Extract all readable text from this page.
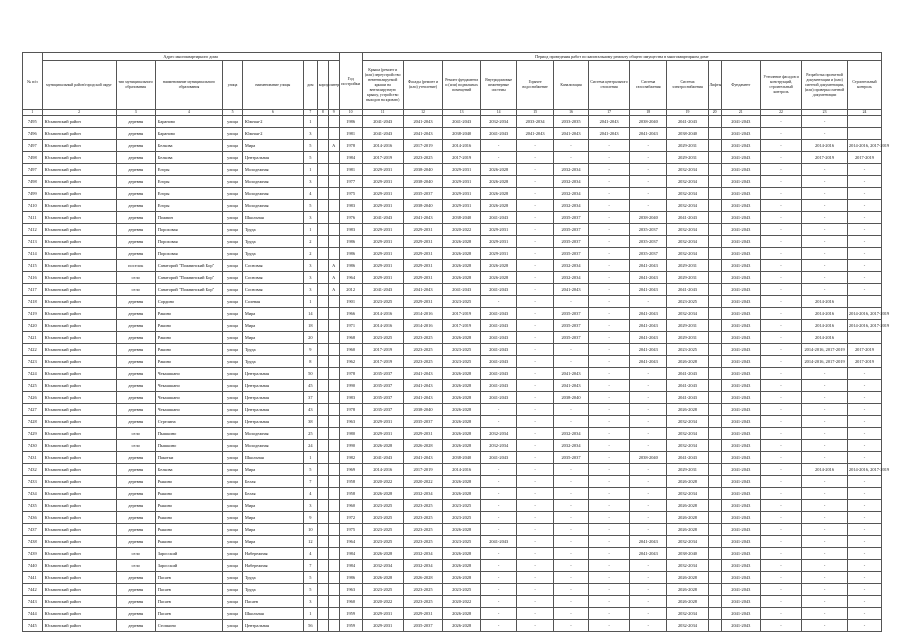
№ п/п	Адрес многоквартирного дома								Год постройки	Период проведения работ по капитальному ремонту общего имущества в многоквартирном доме													
	муниципальный район/городской округ	тип муниципального образования	наименование муниципального образования	улица	наименование улицы	дом	корпус	литер		Крыша (ремонт и (или) переустройство невентилируемой крыши на вентилируемую крышу, устройство выходов на кровлю)	Фасады (ремонт и (или) утепление)	Ремонт фундамента и (или) подвальных помещений	Внутридомовые инженерные системы	Горячее водоснабжение	Канализация	Система центрального отопления	Система газоснабжения	Система электроснабжения	Лифты	Фундамент	Утепление фасадов и конструкций, строительный контроль	Разработка проектной документации и (или) сметной документации, (или) проверка сметной документации	Строительный контроль
1	2	3	4	5	6	7	8	9	10	11	12	13	14	15	16	17	18	19	20	21	22	23	24
7495	Юсьвинский район	деревня	Бараново	улица	Южная-2	1			1986	2041-2043	2041-2043	2041-2043	2032-2034	2033-2034	2033-2035	2041-2043	2038-2040	2041-2043		2041-2043	-	-	
7496	Юсьвинский район	деревня	Бараново	улица	Южная-2	3			1981	2041-2043	2041-2043	2038-2040	2041-2043	2041-2043	2041-2043	2041-2043	2041-2043	2038-2040		2041-2043	-	-	
7497	Юсьвинский район	деревня	Белкова	улица	Мира	5		А	1978	2014-2016	2017-2019	2014-2016	-	-	-	-	-	2029-2031		2041-2043	-	2014-2016	2014-2016, 2017-2019
7498	Юсьвинский район	деревня	Белкова	улица	Центральная	5			1984	2017-2019	2023-2025	2017-2019	-	-	-	-	-	2029-2031		2041-2043	-	2017-2019	2017-2019
7497	Юсьвинский район	деревня	Егоры	улица	Молодежная	1			1981	2029-2031	2038-2040	2029-2031	2026-2028	-	2032-2034	-	-	2032-2034		2041-2043	-	-	-
7498	Юсьвинский район	деревня	Егоры	улица	Молодежная	3			1977	2029-2031	2038-2040	2029-2031	2026-2028	-	2032-2034	-	-	2032-2034		2041-2043	-	-	-
7499	Юсьвинский район	деревня	Егоры	улица	Молодежная	4			1975	2029-2031	2035-2037	2029-2031	2026-2028	-	2032-2034	-	-	2032-2034		2041-2043	-	-	-
7410	Юсьвинский район	деревня	Егоры	улица	Молодежная	5			1983	2029-2031	2038-2040	2029-2031	2026-2028	-	2032-2034	-	-	2032-2034		2041-2043	-	-	-
7411	Юсьвинский район	деревня	Пожвин	улица	Школьная	3			1976	2041-2043	2041-2043	2038-2040	2041-2043	-	2035-2037	-	2038-2040	2041-2043		2041-2043	-	-	-
7412	Юсьвинский район	деревня	Пороховая	улица	Труда	1			1983	2029-2031	2029-2031	2020-2022	2029-2031	-	2035-2037	-	2035-2037	2032-2034		2041-2043	-	-	-
7413	Юсьвинский район	деревня	Пороховая	улица	Труда	2			1986	2029-2031	2029-2031	2026-2028	2029-2031	-	2035-2037	-	2035-2037	2032-2034		2041-2043	-	-	-
7414	Юсьвинский район	деревня	Пороховая	улица	Труда	2			1986	2029-2031	2029-2031	2026-2028	2029-2031	-	2035-2037	-	2035-2037	2032-2034		2041-2043	-	-	-
7415	Юсьвинский район	поселок	Санаторий "Пожвинский Бор"	улица	Сосновая	3		А	1986	2029-2031	2029-2031	2026-2028	2026-2028	-	2032-2034	-	2041-2043	2029-2031		2041-2043	-	-	-
7416	Юсьвинский район	село	Санаторий "Пожвинский Бор"	улица	Сосновая	3		А	1964	2029-2031	2029-2031	2026-2028	2026-2028	-	2032-2034	-	2041-2043	2029-2031		2041-2043	-	-	-
7417	Юсьвинский район	село	Санаторий "Пожвинский Бор"	улица	Сосновая	3		А	2012	2041-2043	2041-2043	2041-2043	2041-2043	-	2041-2043	-	2041-2043	2041-2043		2041-2043	-	-	-
7418	Юсьвинский район	деревня	Сордино	улица	Солевая	1			1901	2023-2025	2029-2031	2023-2025	-	-	-	-	-	2023-2025		2041-2043	-	2014-2016	
7419	Юсьвинский район	деревня	Ракино	улица	Мира	14			1966	2014-2016	2014-2016	2017-2019	2041-2043	-	2035-2037	-	2041-2043	2032-2034		2041-2043	-	2014-2016	2014-2016, 2017-2019
7420	Юсьвинский район	деревня	Ракино	улица	Мира	18			1971	2014-2016	2014-2016	2017-2019	2041-2043	-	2035-2037	-	2041-2043	2029-2031		2041-2043	-	2014-2016	2014-2016, 2017-2019
7421	Юсьвинский район	деревня	Ракино	улица	Мира	20			1968	2023-2025	2023-2025	2026-2028	2041-2043	-	2035-2037	-	2041-2043	2029-2031		2041-2043	-	2014-2016	
7422	Юсьвинский район	деревня	Ракино	улица	Труда	9			1960	2017-2019	2023-2025	2023-2025	2041-2043	-	-	-	2041-2043	2023-2025		2041-2043	-	2014-2016, 2017-2019	2017-2019
7423	Юсьвинский район	деревня	Ракино	улица	Труда	8			1962	2017-2019	2023-2025	2023-2025	2041-2043	-	-	-	2041-2043	2026-2028		2041-2043	-	2014-2016, 2017-2019	2017-2019
7424	Юсьвинский район	деревня	Чекашшано	улица	Центральная	50			1978	2035-2037	2041-2043	2026-2028	2041-2043	-	2041-2043	-	-	2041-2043		2041-2043	-	-	-
7425	Юсьвинский район	деревня	Чекашшано	улица	Центральная	45			1990	2035-2037	2041-2043	2026-2028	2041-2043	-	2041-2043	-	-	2041-2043		2041-2043	-	-	-
7426	Юсьвинский район	деревня	Чекашшано	улица	Центральная	37			1983	2035-2037	2041-2043	2026-2028	2041-2043	-	2038-2040	-	-	2041-2043		2041-2043	-	-	-
7427	Юсьвинский район	деревня	Чекашшано	улица	Центральная	43			1978	2035-2037	2038-2040	2026-2028	-	-	-	-	-	2026-2028		2041-2043	-	-	-
7428	Юсьвинский район	деревня	Стрелина	улица	Центральная	38			1963	2029-2031	2035-2037	2026-2028	-	-	-	-	-	2032-2034		2041-2043	-	-	-
7429	Юсьвинский район	село	Пышкино	улица	Молодежная	25			1980	2029-2031	2029-2031	2026-2028	2032-2034	-	2032-2034	-	-	2032-2034		2041-2043	-	-	-
7430	Юсьвинский район	село	Пышкино	улица	Молодежная	24			1990	2026-2028	2026-2028	2026-2028	2032-2034	-	2032-2034	-	-	2032-2034		2041-2043	-	-	-
7431	Юсьвинский район	деревня	Пакотки	улица	Школьная	1			1982	2041-2043	2041-2043	2038-2040	2041-2043	-	2035-2037	-	2038-2040	2041-2043		2041-2043	-	-	-
7432	Юсьвинский район	деревня	Белкова	улица	Мира	5			1969	2014-2016	2017-2019	2014-2016	-	-	-	-	-	2029-2031		2041-2043	-	2014-2016	2014-2016, 2017-2019
7433	Юсьвинский район	деревня	Рыкино	улица	Белая	7			1958	2020-2022	2020-2022	2026-2028	-	-	-	-	-	2026-2028		2041-2043	-	-	-
7434	Юсьвинский район	деревня	Рыкино	улица	Белая	4			1958	2026-2028	2032-2034	2026-2028	-	-	-	-	-	2032-2034		2041-2043	-	-	-
7435	Юсьвинский район	деревня	Рыкино	улица	Мира	3			1960	2023-2025	2023-2025	2023-2025	-	-	-	-	-	2026-2028		2041-2043	-	-	-
7436	Юсьвинский район	деревня	Рыкино	улица	Мира	9			1972	2023-2025	2023-2025	2023-2025	-	-	-	-	-	2026-2028		2041-2043	-	-	-
7437	Юсьвинский район	деревня	Рыкино	улица	Мира	10			1975	2023-2025	2023-2025	2026-2028	-	-	-	-	-	2026-2028		2041-2043	-	-	-
7438	Юсьвинский район	деревня	Рыкино	улица	Мира	12			1964	2023-2025	2023-2025	2023-2025	2041-2043	-	-	-	2041-2043	2032-2034		2041-2043	-	-	-
7439	Юсьвинский район	село	Заросский	улица	Набережная	4			1984	2026-2028	2032-2034	2026-2028	-	-	-	-	2041-2043	2038-2040		2041-2043	-	-	-
7440	Юсьвинский район	село	Заросский	улица	Набережная	7			1984	2032-2034	2032-2034	2026-2028	-	-	-	-	-	2032-2034		2041-2043	-	-	-
7441	Юсьвинский район	деревня	Пасаев	улица	Труда	5			1986	2026-2028	2026-2028	2026-2028	-	-	-	-	-	2026-2028		2041-2043	-	-	-
7442	Юсьвинский район	деревня	Пасаев	улица	Труда	5			1963	2023-2025	2023-2025	2023-2025	-	-	-	-	-	2026-2028		2041-2043	-	-	-
7443	Юсьвинский район	деревня	Пасаев	улица	Пасаев	3			1960	2020-2022	2023-2025	2020-2022	-	-	-	-	-	2026-2028		2041-2043	-	-	-
7444	Юсьвинский район	деревня	Пасаев	улица	Школьная	1			1959	2029-2031	2029-2031	2026-2028	-	-	-	-	-	2032-2034		2041-2043	-	-	-
7445	Юсьвинский район	деревня	Стопкино	улица	Центральная	56			1959	2029-2031	2035-2037	2026-2028	-	-	-	-	-	2032-2034		2041-2043	-	-	-
